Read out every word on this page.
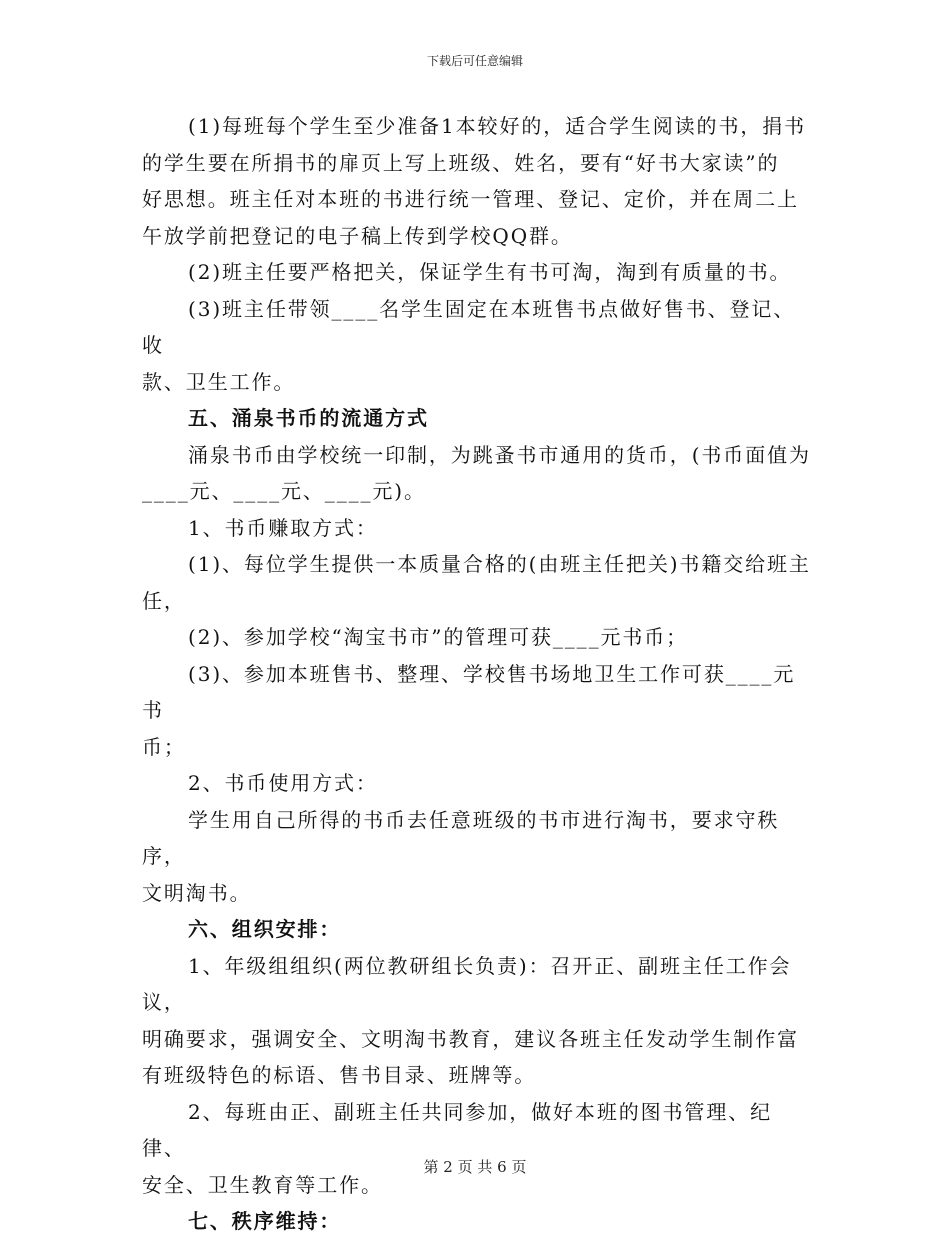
下载后可任意编辑

(1)每班每个学生至少准备1本较好的，适合学生阅读的书，捐书

的学生要在所捐书的扉页上写上班级、姓名，要有“好书大家读”的

好思想。班主任对本班的书进行统一管理、登记、定价，并在周二上

午放学前把登记的电子稿上传到学校QQ群。

(2)班主任要严格把关，保证学生有书可淘，淘到有质量的书。

(3)班主任带领____名学生固定在本班售书点做好售书、登记、收

款、卫生工作。

五、涌泉书币的流通方式

涌泉书币由学校统一印制，为跳蚤书市通用的货币，(书币面值为

____元、____元、____元)。

1、书币赚取方式：

(1)、每位学生提供一本质量合格的(由班主任把关)书籍交给班主

任，

(2)、参加学校“淘宝书市”的管理可获____元书币；

(3)、参加本班售书、整理、学校售书场地卫生工作可获____元书

币；

2、书币使用方式：

学生用自己所得的书币去任意班级的书市进行淘书，要求守秩序，

文明淘书。

六、组织安排：

1、年级组组织(两位教研组长负责)：召开正、副班主任工作会议，

明确要求，强调安全、文明淘书教育，建议各班主任发动学生制作富

有班级特色的标语、售书目录、班牌等。

2、每班由正、副班主任共同参加，做好本班的图书管理、纪律、

安全、卫生教育等工作。

七、秩序维持：

第 2 页 共 6 页
